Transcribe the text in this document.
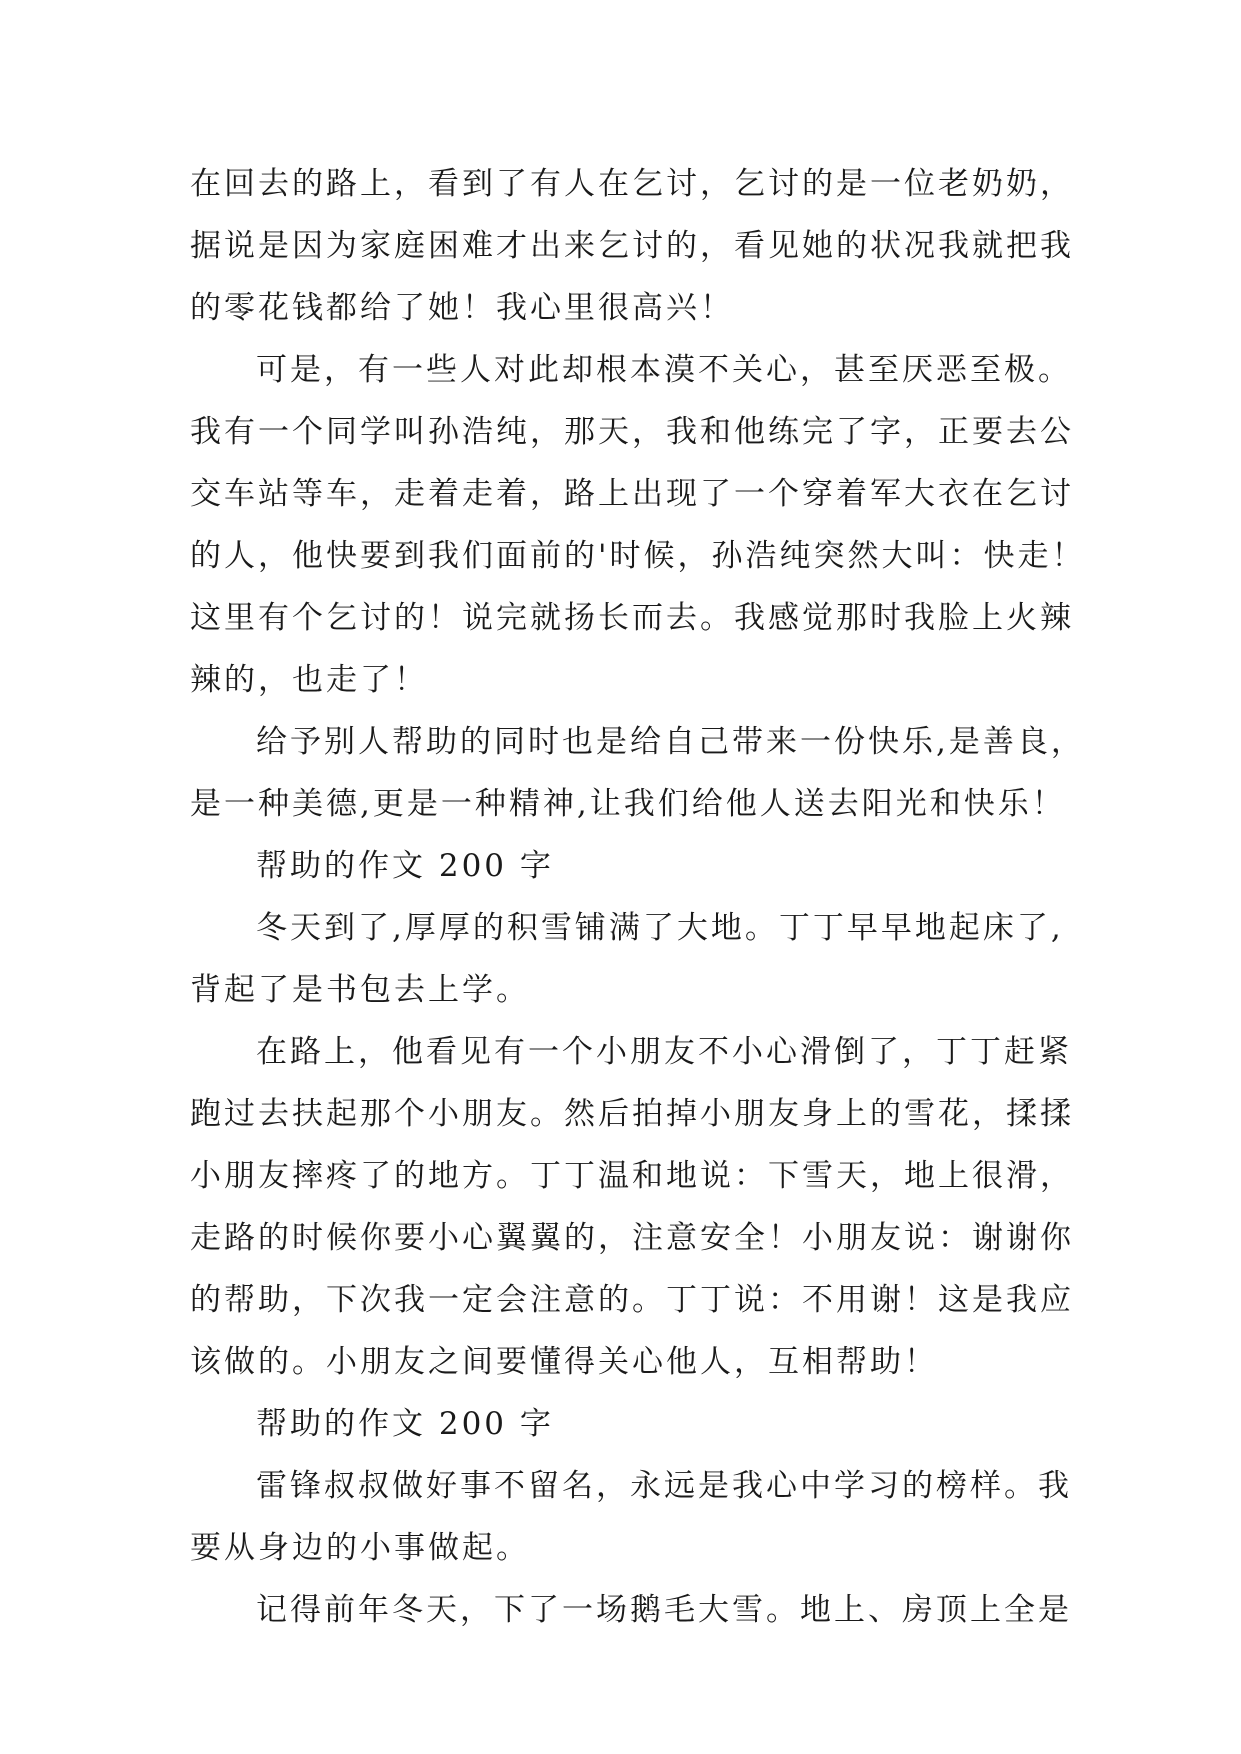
在回去的路上，看到了有人在乞讨，乞讨的是一位老奶奶，
据说是因为家庭困难才出来乞讨的，看见她的状况我就把我
的零花钱都给了她！我心里很高兴！
可是，有一些人对此却根本漠不关心，甚至厌恶至极。
我有一个同学叫孙浩纯，那天，我和他练完了字，正要去公
交车站等车，走着走着，路上出现了一个穿着军大衣在乞讨
的人，他快要到我们面前的'时候，孙浩纯突然大叫：快走！
这里有个乞讨的！说完就扬长而去。我感觉那时我脸上火辣
辣的，也走了！
给予别人帮助的同时也是给自己带来一份快乐,是善良，
是一种美德,更是一种精神,让我们给他人送去阳光和快乐！
帮助的作文 200 字
冬天到了,厚厚的积雪铺满了大地。丁丁早早地起床了,
背起了是书包去上学。
在路上，他看见有一个小朋友不小心滑倒了，丁丁赶紧
跑过去扶起那个小朋友。然后拍掉小朋友身上的雪花，揉揉
小朋友摔疼了的地方。丁丁温和地说：下雪天，地上很滑，
走路的时候你要小心翼翼的，注意安全！小朋友说：谢谢你
的帮助，下次我一定会注意的。丁丁说：不用谢！这是我应
该做的。小朋友之间要懂得关心他人，互相帮助！
帮助的作文 200 字
雷锋叔叔做好事不留名，永远是我心中学习的榜样。我
要从身边的小事做起。
记得前年冬天，下了一场鹅毛大雪。地上、房顶上全是
